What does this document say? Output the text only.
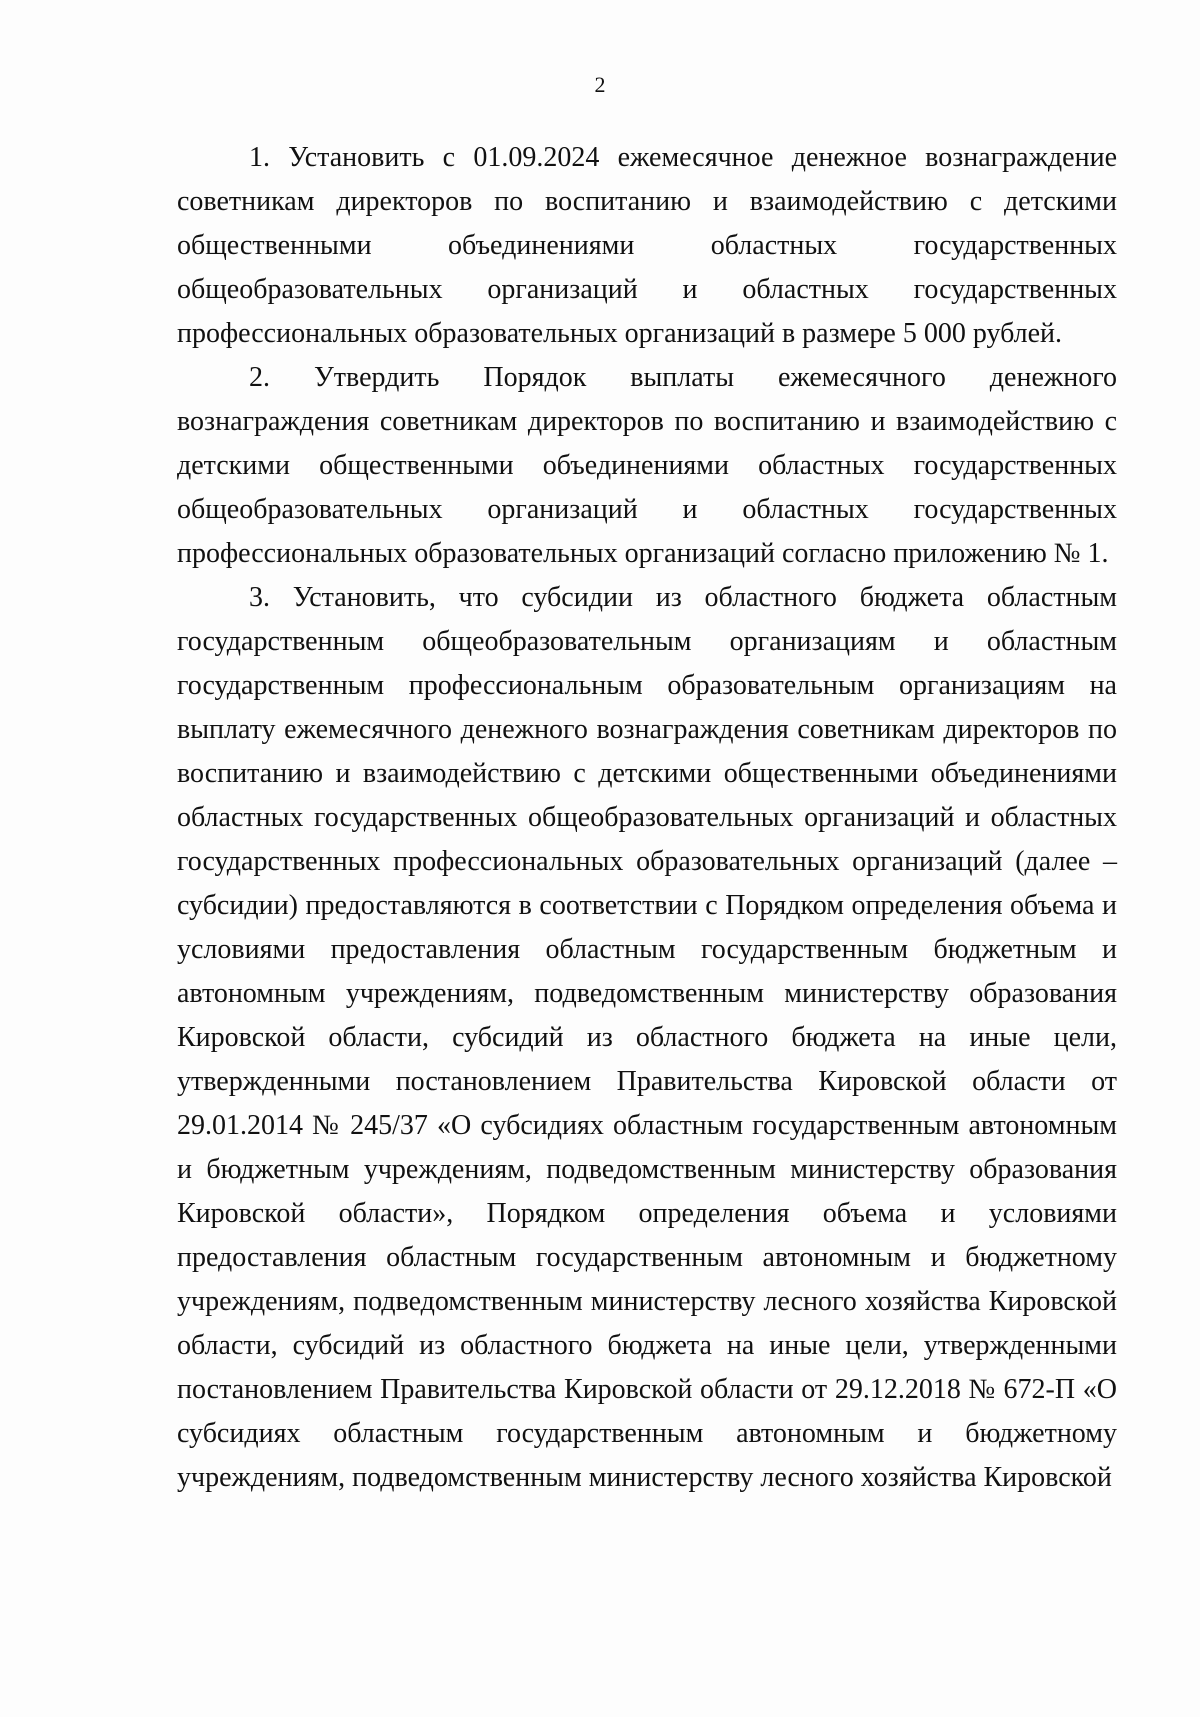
2

1. Установить с 01.09.2024 ежемесячное денежное вознаграждение советникам директоров по воспитанию и взаимодействию с детскими общественными объединениями областных государственных общеобразовательных организаций и областных государственных профессиональных образовательных организаций в размере 5 000 рублей.

2. Утвердить Порядок выплаты ежемесячного денежного вознаграждения советникам директоров по воспитанию и взаимодействию с детскими общественными объединениями областных государственных общеобразовательных организаций и областных государственных профессиональных образовательных организаций согласно приложению № 1.

3. Установить, что субсидии из областного бюджета областным государственным общеобразовательным организациям и областным государственным профессиональным образовательным организациям на выплату ежемесячного денежного вознаграждения советникам директоров по воспитанию и взаимодействию с детскими общественными объединениями областных государственных общеобразовательных организаций и областных государственных профессиональных образовательных организаций (далее – субсидии) предоставляются в соответствии с Порядком определения объема и условиями предоставления областным государственным бюджетным и автономным учреждениям, подведомственным министерству образования Кировской области, субсидий из областного бюджета на иные цели, утвержденными постановлением Правительства Кировской области от 29.01.2014 № 245/37 «О субсидиях областным государственным автономным и бюджетным учреждениям, подведомственным министерству образования Кировской области», Порядком определения объема и условиями предоставления областным государственным автономным и бюджетному учреждениям, подведомственным министерству лесного хозяйства Кировской области, субсидий из областного бюджета на иные цели, утвержденными постановлением Правительства Кировской области от 29.12.2018 № 672-П «О субсидиях областным государственным автономным и бюджетному учреждениям, подведомственным министерству лесного хозяйства Кировской
